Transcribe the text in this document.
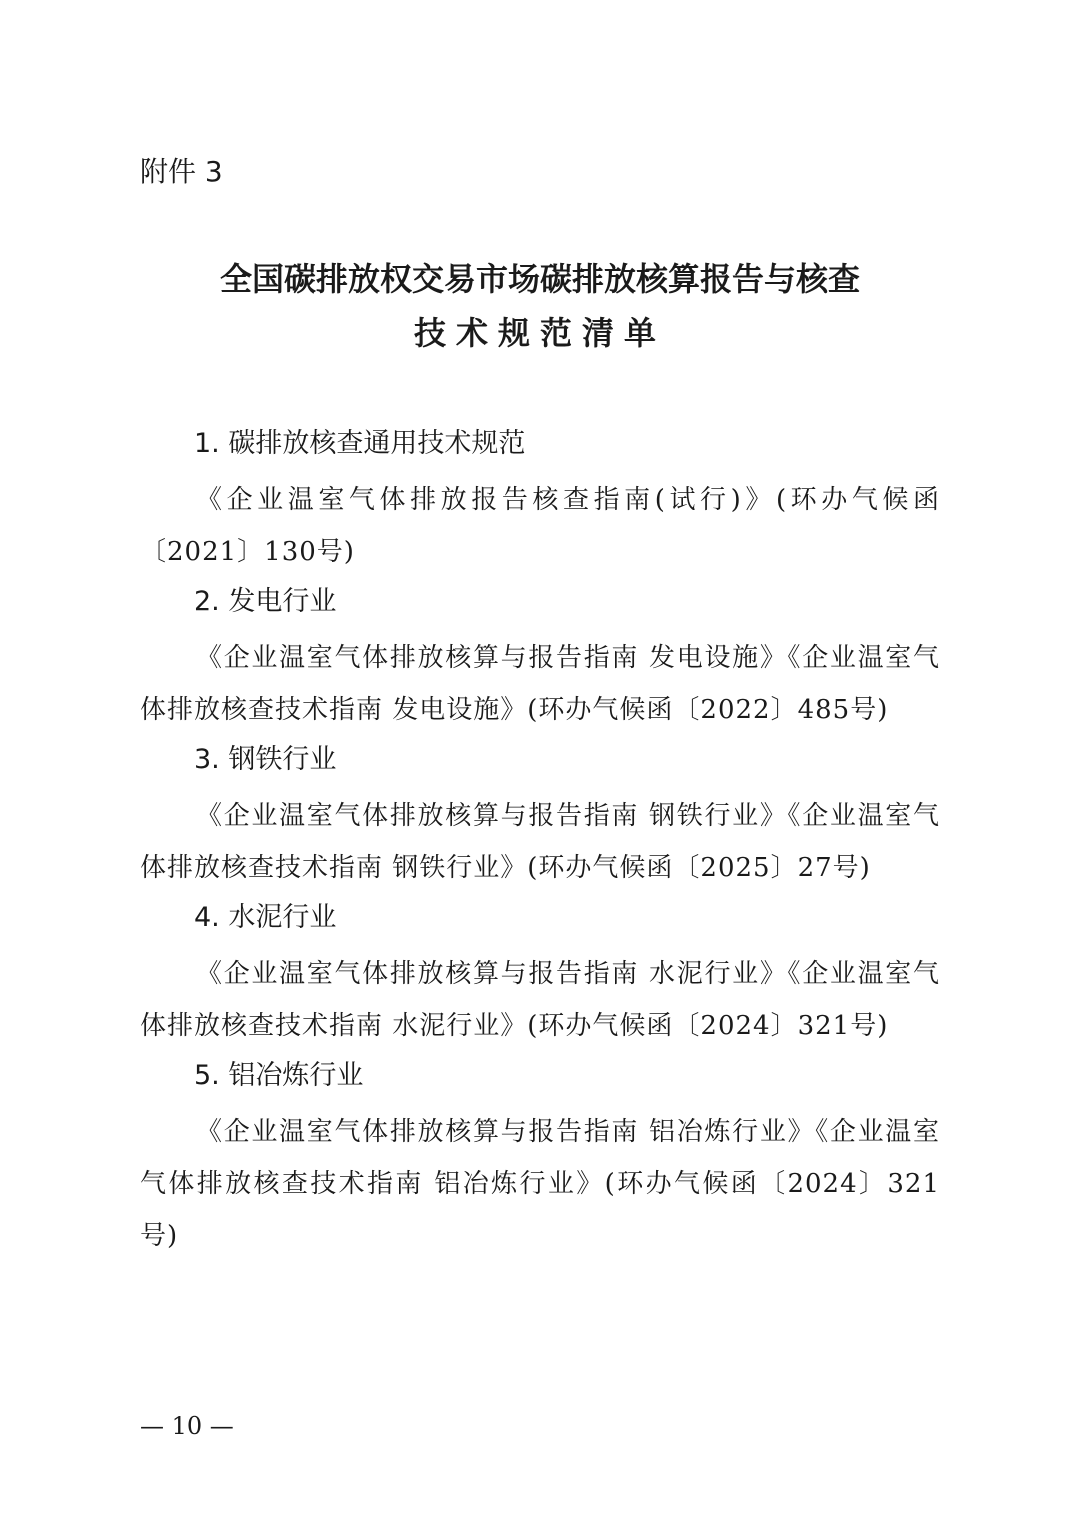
附件 3
全国碳排放权交易市场碳排放核算报告与核查
技术规范清单
1. 碳排放核查通用技术规范

《企业温室气体排放报告核查指南(试行)》(环办气候函〔2021〕130号)

2. 发电行业

《企业温室气体排放核算与报告指南 发电设施》《企业温室气体排放核查技术指南 发电设施》(环办气候函〔2022〕485号)

3. 钢铁行业

《企业温室气体排放核算与报告指南 钢铁行业》《企业温室气体排放核查技术指南 钢铁行业》(环办气候函〔2025〕27号)

4. 水泥行业

《企业温室气体排放核算与报告指南 水泥行业》《企业温室气体排放核查技术指南 水泥行业》(环办气候函〔2024〕321号)

5. 铝冶炼行业

《企业温室气体排放核算与报告指南 铝冶炼行业》《企业温室气体排放核查技术指南 铝冶炼行业》(环办气候函〔2024〕321号)

— 10 —
